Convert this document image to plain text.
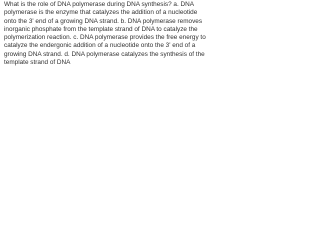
What is the role of DNA polymerase during DNA synthesis? a. DNA polymerase is the enzyme that catalyzes the addition of a nucleotide onto the 3' end of a growing DNA strand. b. DNA polymerase removes inorganic phosphate from the template strand of DNA to catalyze the polymerization reaction. c. DNA polymerase provides the free energy to catalyze the endergonic addition of a nucleotide onto the 3' end of a growing DNA strand. d. DNA polymerase catalyzes the synthesis of the template strand of DNA
